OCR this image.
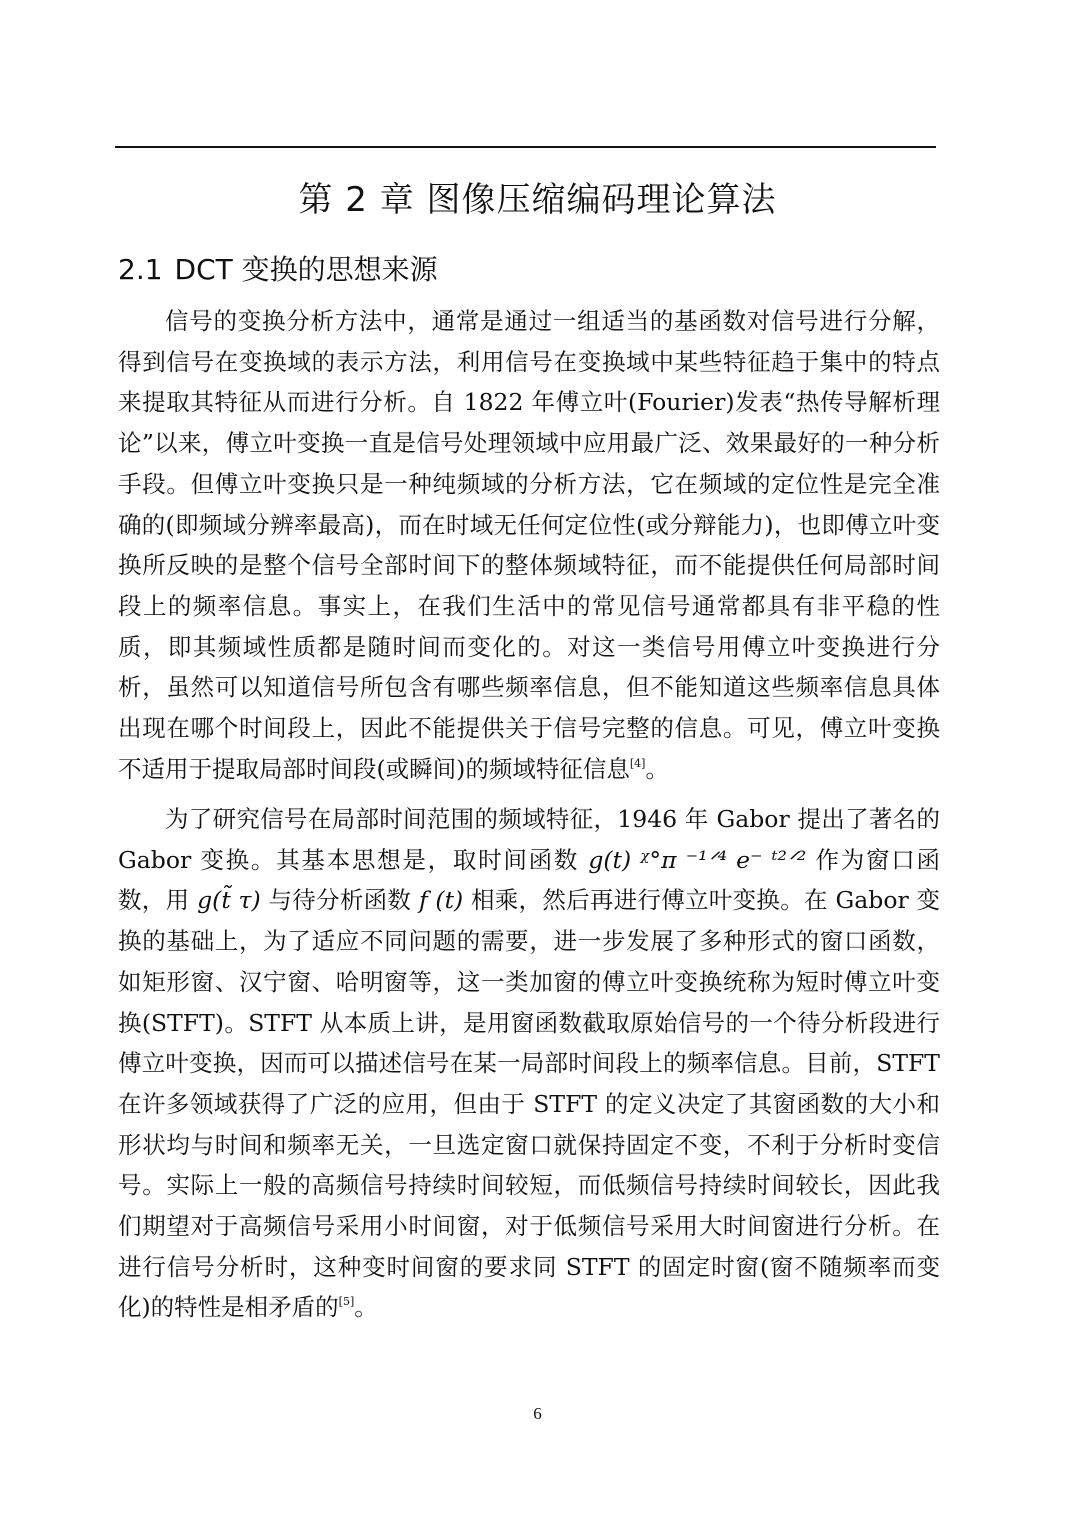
第 2 章 图像压缩编码理论算法
2.1 DCT 变换的思想来源

信号的变换分析方法中，通常是通过一组适当的基函数对信号进行分解，得到信号在变换域的表示方法，利用信号在变换域中某些特征趋于集中的特点来提取其特征从而进行分析。自 1822 年傅立叶(Fourier)发表“热传导解析理论”以来，傅立叶变换一直是信号处理领域中应用最广泛、效果最好的一种分析手段。但傅立叶变换只是一种纯频域的分析方法，它在频域的定位性是完全准确的(即频域分辨率最高)，而在时域无任何定位性(或分辩能力)，也即傅立叶变换所反映的是整个信号全部时间下的整体频域特征，而不能提供任何局部时间段上的频率信息。事实上，在我们生活中的常见信号通常都具有非平稳的性质，即其频域性质都是随时间而变化的。对这一类信号用傅立叶变换进行分析，虽然可以知道信号所包含有哪些频率信息，但不能知道这些频率信息具体出现在哪个时间段上，因此不能提供关于信号完整的信息。可见，傅立叶变换不适用于提取局部时间段(或瞬间)的频域特征信息[4]。

为了研究信号在局部时间范围的频域特征，1946 年 Gabor 提出了著名的 Gabor 变换。其基本思想是，取时间函数 g(t) ᵡ°π ⁻¹ᐟ⁴ e⁻ ᵗ²ᐟ² 作为窗口函数，用 g(t̃ τ) 与待分析函数 f (t) 相乘，然后再进行傅立叶变换。在 Gabor 变换的基础上，为了适应不同问题的需要，进一步发展了多种形式的窗口函数，如矩形窗、汉宁窗、哈明窗等，这一类加窗的傅立叶变换统称为短时傅立叶变换(STFT)。STFT 从本质上讲，是用窗函数截取原始信号的一个待分析段进行傅立叶变换，因而可以描述信号在某一局部时间段上的频率信息。目前，STFT 在许多领域获得了广泛的应用，但由于 STFT 的定义决定了其窗函数的大小和形状均与时间和频率无关，一旦选定窗口就保持固定不变，不利于分析时变信号。实际上一般的高频信号持续时间较短，而低频信号持续时间较长，因此我们期望对于高频信号采用小时间窗，对于低频信号采用大时间窗进行分析。在进行信号分析时，这种变时间窗的要求同 STFT 的固定时窗(窗不随频率而变化)的特性是相矛盾的[5]。

6
